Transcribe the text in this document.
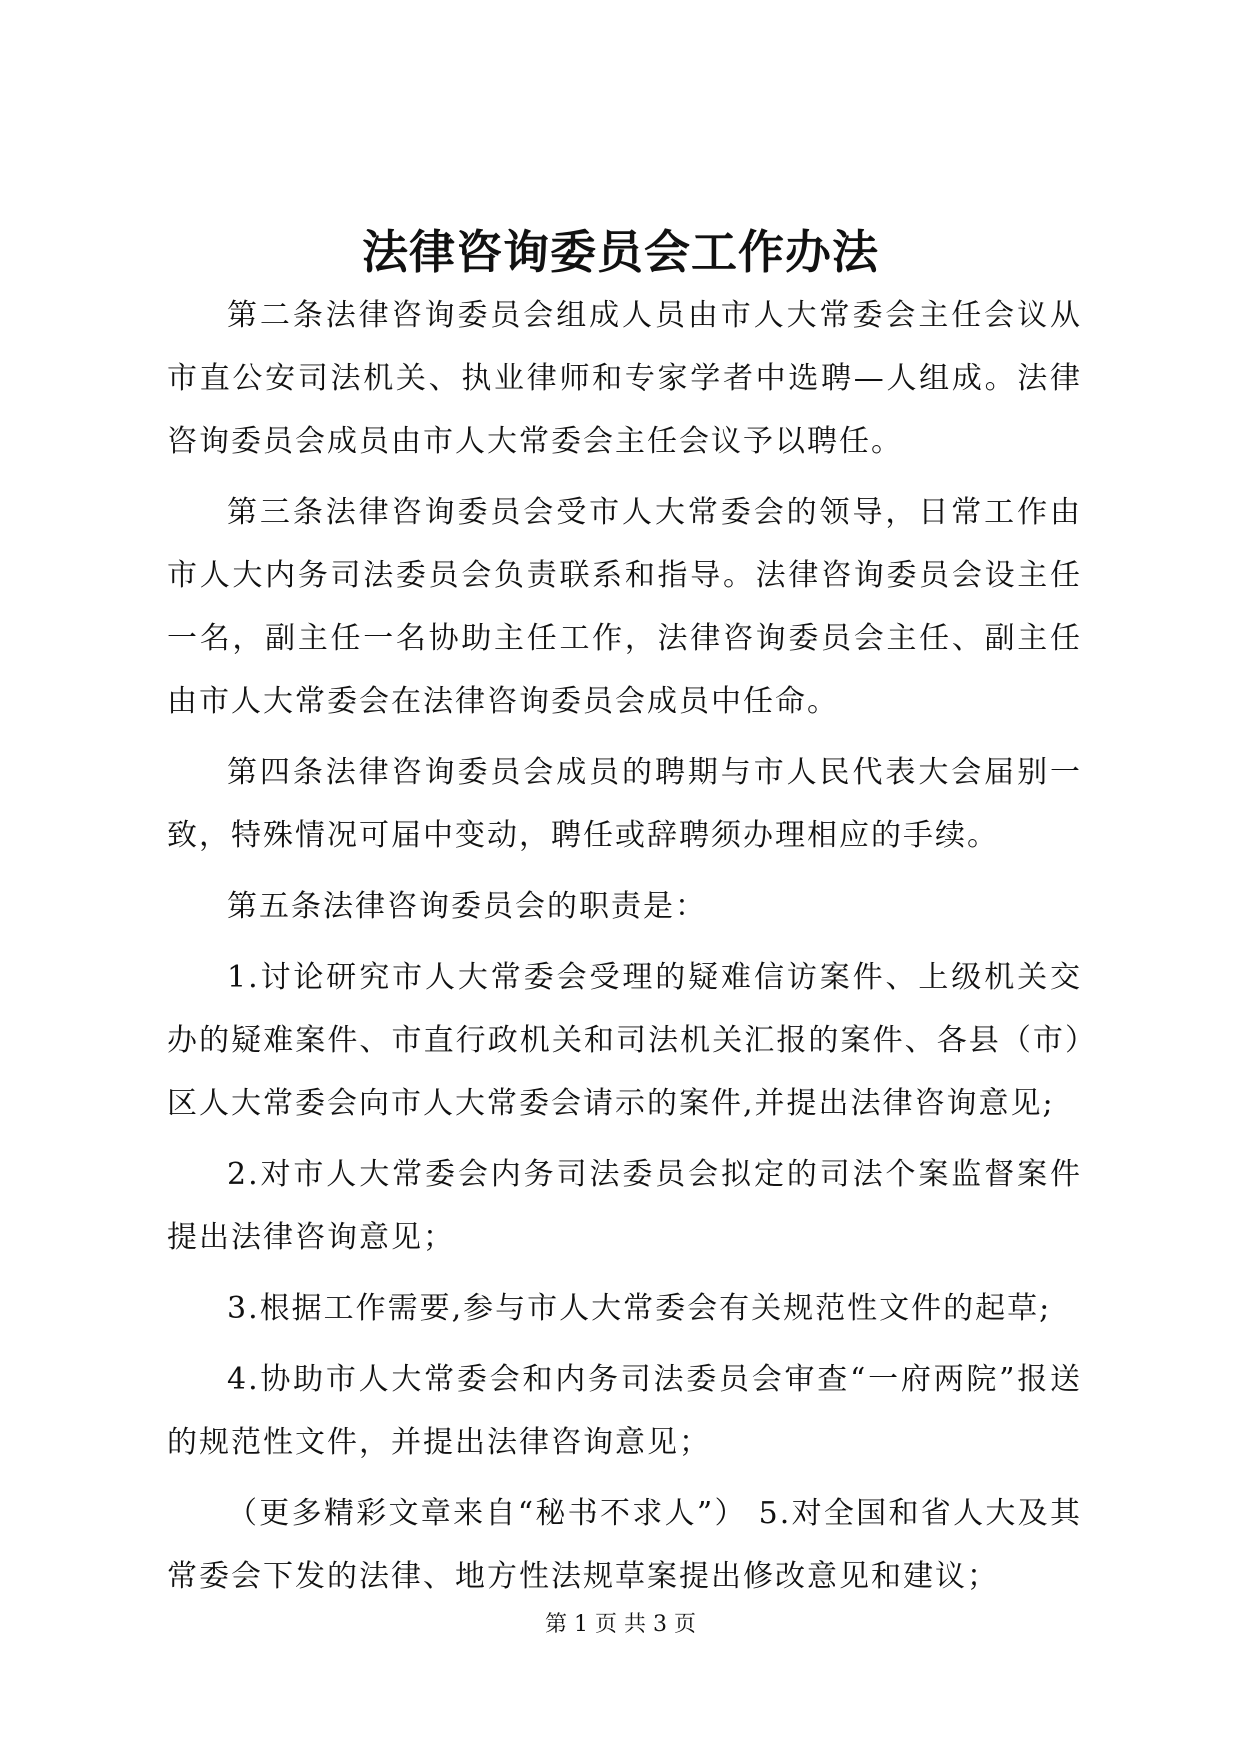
法律咨询委员会工作办法

第二条法律咨询委员会组成人员由市人大常委会主任会议从市直公安司法机关、执业律师和专家学者中选聘—人组成。法律咨询委员会成员由市人大常委会主任会议予以聘任。

第三条法律咨询委员会受市人大常委会的领导，日常工作由市人大内务司法委员会负责联系和指导。法律咨询委员会设主任一名，副主任一名协助主任工作，法律咨询委员会主任、副主任由市人大常委会在法律咨询委员会成员中任命。

第四条法律咨询委员会成员的聘期与市人民代表大会届别一致，特殊情况可届中变动，聘任或辞聘须办理相应的手续。

第五条法律咨询委员会的职责是：

1.讨论研究市人大常委会受理的疑难信访案件、上级机关交办的疑难案件、市直行政机关和司法机关汇报的案件、各县（市）区人大常委会向市人大常委会请示的案件,并提出法律咨询意见;

2.对市人大常委会内务司法委员会拟定的司法个案监督案件提出法律咨询意见；

3.根据工作需要,参与市人大常委会有关规范性文件的起草;

4.协助市人大常委会和内务司法委员会审查“一府两院”报送的规范性文件，并提出法律咨询意见；

（更多精彩文章来自“秘书不求人”） 5.对全国和省人大及其常委会下发的法律、地方性法规草案提出修改意见和建议；

第 1 页 共 3 页
